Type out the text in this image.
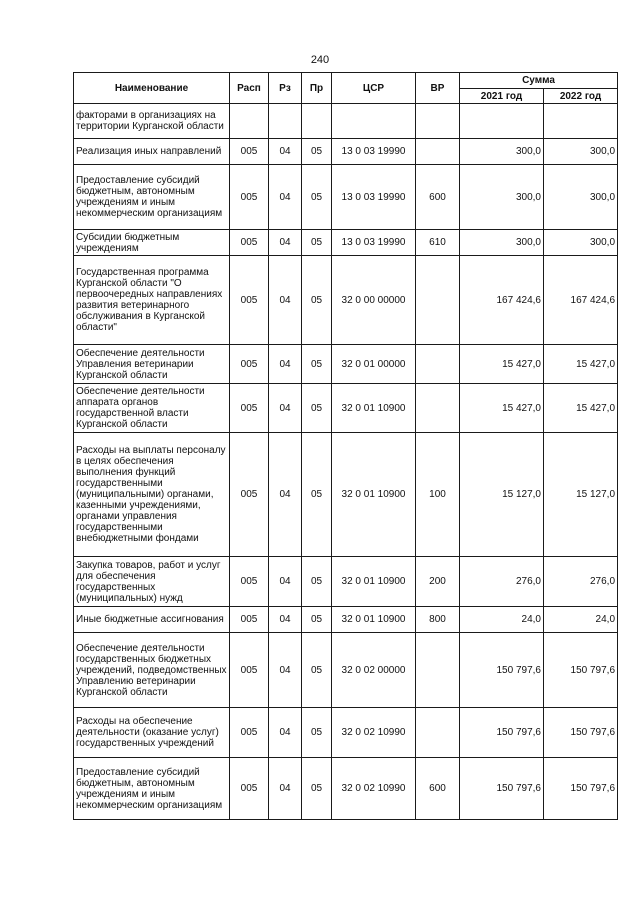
240
Наименование	Расп	Рз	Пр	ЦСР	ВР	Сумма	
						2021 год	2022 год
факторами в организациях на территории Курганской области							
Реализация иных направлений	005	04	05	13 0 03 19990		300,0	300,0
Предоставление субсидий бюджетным, автономным учреждениям и иным некоммерческим организациям	005	04	05	13 0 03 19990	600	300,0	300,0
Субсидии бюджетным учреждениям	005	04	05	13 0 03 19990	610	300,0	300,0
Государственная программа Курганской области "О первоочередных направлениях развития ветеринарного обслуживания в Курганской области"	005	04	05	32 0 00 00000		167 424,6	167 424,6
Обеспечение деятельности Управления ветеринарии Курганской области	005	04	05	32 0 01 00000		15 427,0	15 427,0
Обеспечение деятельности аппарата органов государственной власти Курганской области	005	04	05	32 0 01 10900		15 427,0	15 427,0
Расходы на выплаты персоналу в целях обеспечения выполнения функций государственными (муниципальными) органами, казенными учреждениями, органами управления государственными внебюджетными фондами	005	04	05	32 0 01 10900	100	15 127,0	15 127,0
Закупка товаров, работ и услуг для обеспечения государственных (муниципальных) нужд	005	04	05	32 0 01 10900	200	276,0	276,0
Иные бюджетные ассигнования	005	04	05	32 0 01 10900	800	24,0	24,0
Обеспечение деятельности государственных бюджетных учреждений, подведомственных Управлению ветеринарии Курганской области	005	04	05	32 0 02 00000		150 797,6	150 797,6
Расходы на обеспечение деятельности (оказание услуг) государственных учреждений	005	04	05	32 0 02 10990		150 797,6	150 797,6
Предоставление субсидий бюджетным, автономным учреждениям и иным некоммерческим организациям	005	04	05	32 0 02 10990	600	150 797,6	150 797,6
